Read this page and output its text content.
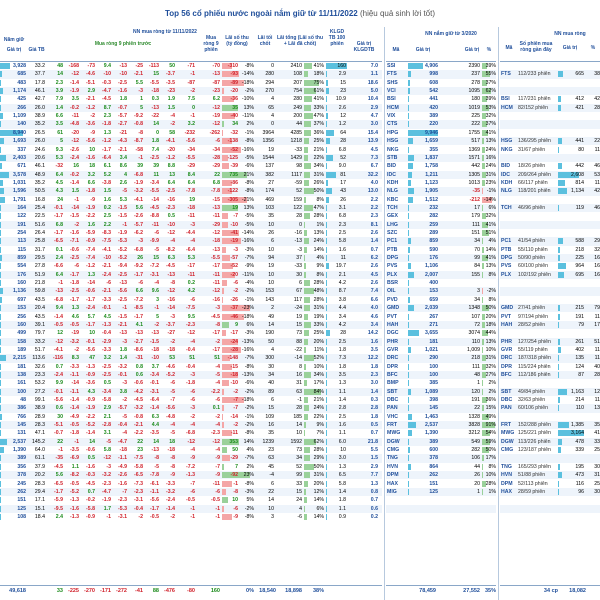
Top 56 cổ phiếu nước ngoài nắm giữ từ 11/11/2022 (hiệu quả sinh lời tốt)
NN mua ròng từ 11/11/2022
Năm giữ
Giá trị	Giá TB
Mua ròng 9 phiên trước
Mua ròng 9 phiên
Lãi số thu (tỷ đồng)
Lãi tối chốt
Lãi tổng (Lãi số thu + Lãi đã chốt)
KLGD TB 100 phiên	Giá trị KLGDTB
3,928	33.2	48	-168	-73	9.4	-13	-25	-113	50	-71	-70	-310	-8%	0	2410	41%	160	7.0
685	37.7	14	-12	-4.6	-10	-10	-2.1	15	-3.7	-1	-13	-93 -14%	280	108	18%	2.9	1.1
483	17.8	2.3	-1.4	-5.1	-0.3	-2.5	5.5	-5.5	-3.5	-87	-87	-89 -18%	294	207	75%	15	18.6
1,174	46.1	3.9	-1.9	2.9	-4.7	-1.6	-3	-18	-23	-2	-23	-20	-2%	270	754	61%	23	5.0
425	42.7	7.9	3.5	-2.1	-4.5	1.8	1	0.3	1.9	7.5	6.2	-36 -10%	4	280	41%	10.9	10.4
266	26.0	1.4	-0.2	-1.2	8.7	-0.7	5	-13	1.5	0	-12	35	13%	65	249	33%	2.6	2.9
1,109	38.9	6.6	-11	-2	2.3	-5.7	-9.2	-22	-4	-1	-19	-40 -11%	4	200	47%	12	4.7
140	35.2	3.5	-4.8	-3.6	-1.8	-2.7	-0.8	14	-2	3.2	-12	34	2%	0	44	37%	1.2	3.0
8,940	26.5	61	-20	-9	1.3	-21	-8	0	58	-232	-262	-32	-1%	3964	4285	36%	64	15.4
1,693	26.0	5	-12	-5.6	-1.2	-4.3	-8.7	1.8	-4.1	-5.6	-6	-138	-8%	1356	1218	25%	28	13.9
337	24.6	9.3	-2.6	10	-1.7	-2.1	-58	7.4	-20	-34	-34	-52 -16%	19	-33	21%	6.8	4.5
2,403	20.6	5.3	-2.4	-1.6	-6.4	3.4	-1	-2.5	-1.2	-5.5	-28	-125	-5%	1544	1429	22%	52	7.3
671	46.1	-32	16	18	6.1	8.6	39	39	8.8	-29	-29	-39	-6%	137	98	34%	9.0	6.7
3,578	48.9	6.4	-0.2	3.2	5.2	4	-6.8	11	13	8.4	22	735	21%	382	1117	31%	81	32.2
1,031	35.2	4.5	-1.4	6.6	-3.8	2.6	-1.9	-3.4	6.4	6.4	6.8	-86	-8%	27	-59	26%	17	4.0
1,596	50.5	4.3	1.5	-1.8	1.5	-5	-3.2	-5.5	-2.5	-7.8	-7.8	-122	-8%	174	52	50%	43	13.0
1,791	16.8	24	-1	-9	1.6	5.3	-4.1	-14	-16	19	-15	-305 -21%	469	159	8%	26	2.2
164	25.4	-0.1	-14	-1.9	0.2	-1.5	5.6	-4.5	-2.3	-18	-13	19	13%	103	122	47%	3.1	2.2
122	22.5	-1.7	-1.5	-2.2	2.5	-1.5	-2.6	-8.8	0.5	-11	-11	-7	-5%	35	28	28%	6.8	2.3
191	51.6	6.8	-2	1.6	2.2	-1	-5.7	-11	-10	-3	-29	-10	-5%	10	0	1%	2.3	8.1
254	26.4	-1.7	-1.6	-5.9	-8.3	-1.9	-6.2	-6	-12	-4.4	-12	-41 -14%	26	-16	13%	2.5	2.6
113	25.8	-6.5	-7.1	-0.9	-7.5	-5.3	-3	-9.9	-4	-4	-18	-19 -16%	6	-13	24%	5.8	1.4
115	31.7	0.1	-0.6	-7.4	-4.1	-5.2	-6.8	-5	-8.2	-6.4	-13	-3	-3%	10	-3	14%	1.6	0.7
859	29.5	2.4	-2.5	-7.4	-10	-5.2	26	15	6.3	5.3	-5.5	-57	-7%	94	37	4%	11	6.2
554	27.8	-6.6	-6	-1.2	-2.1	-9.4	-9.2	-7.2	-4.5	-17	-17	-52	-9%	19	-33	9%	19.7	2.6
176	51.9	6.4	-1.7	1.3	-2.4	-2.5	-1.7	-3.1	-13	-11	-11	-20 -11%	10	30	8%	2.1	4.5
160	21.8	-1	-1.8	-14	-6	-13	-6	-4	-8	0.2	-11	-6	-4%	10	6	28%	4.2	2.6
1,136	59.8	-13	-2.5	-0.6	-2.1	-5.6	6.6	9.6	-12	4.2	-12	-2	-2%	153	67	48%	8.7	7.4
697	43.5	-6.8	-1.7	-1.7	-3.3	-2.5	-7.2	3	-16	-6	-16	-26	-1%	143	117	28%	3.8	6.6
153	20.4	9.4	1.3	-2.4	-0.1	-1	-8.5	-1	-14	-7.5	-3	-37 -23%	2	-24	31%	4.4	4.0
256	43.5	-1.4	4.6	5.7	4.5	-1.5	-1.7	5	-3	9.5	-4.5	-46 -18%	49	19	19%	3.4	4.6
160	39.1	-0.5	-0.5	-1.7	-1.3	-2.1	4.1	-2	-3.7	-2.3	-8	9	6%	14	15	33%	4.2	3.4
499	79.7	12	-19	10	-0.4	-13	-13	-13	-27	-12	-17	-17	-3%	190	73	25%	28	14.2
158	33.2	-12	-3.2	-0.1	-2.9	-3	-2.7	-1.5	-2	-4	-2	-24 -13%	50	88	20%	2.5	1.6
189	51.7	-4.1	-2	-5.6	-3.3	1.8	-8.6	-18	-18	-0.4	-17	-28 -16%	4	-22	11%	1.8	3.5
2,215	113.6	-116	8.3	47	3.2	1.4	-31	-10	53	51	51	-148	-7%	300	-14	52%	7.3	12.2
181	32.6	0.7	-3.3	-1.3	-2.5	-3.2	0.8	3.7	-4.6	-0.4	-4	-15	-8%	30	8	10%	1.8	1.8
138	23.3	-2.4	-1.1	-0.9	-2.5	-0.1	0.6	-3.4	-5.2	-3	-5	-18 -13%	34	16	34%	3.5	2.3
161	53.2	9.9	-14	-3.6	0.5	-3	-0.6	-0.1	-6	-1.8	-4	-10	-6%	40	31	17%	1.3	3.0
100	27.2	-0.1	-1.1	4.3	-3.4	3.8	-4.2	-3.1	-5	-6	-2.2	-2	-2%	89	63	84%	1.1	1.4
48	99.1	-5.6	-1.4	-0.9	-5.8	-2	-4.5	-6.4	-7	-6	-6	-7 -18%	6	-1	21%	1.4	0.3
386	38.9	0.6	-1.4	-1.9	2.9	-5.7	-3.2	-1.4	-5.6	-3	0.1	-7	-2%	15	28	24%	2.8	2.8
766	28.9	30	-4.9	-2.2	2.1	-5	-0.8	6.3	-4.8	-2	-2	-14	-1%	109	185	22%	2.5	1.8
145	28.3	-5.1	-0.5	-5.2	-2.8	-0.4	-2.1	4.4	-4	-4	-4	-2	-2%	16	14	9%	1.6	0.5
131	47.1	-0.7	-1.8	-1.4	3.1	-4	-2.2	-3.5	-5	-6.8	-2.3	-11	-8%	35	10	7%	1.1	0.7
2,537	145.2	22	-1	14	-5	-4.7	22	14	18	-12	-12	353	14%	1239	1592	62%	6.0	21.8
1,390	64.0	-1	-3.5	-0.6	5.8	-18	23	-13	-18	-4	-4	50	4%	23	73	28%	10	5.5
389	61.1	-35	-6.9	0.5	-12	-1.1	-7.5	-8	-8	-9	-9	-29	-7%	63	34	29%	3.0	1.5
356	37.9	-4.5	1.1	-1.6	-3	-4.9	-5.8	-5	-8	-7.2	-7	7	2%	45	52	50%	1.3	2.9
378	20.2	5.6	-8.2	-0.3	-3.2	-2.6	-6.5	-7.8	-9	-1.3	-9	-92	23%	-4	99	31%	6.5	7.7
245	28.3	-6.5	-0.5	-4.5	-2.3	-1.6	-7.3	-6.1	-3.3	-7	-11	-1	-8%	6	33	20%	5.8	1.3
262	29.4	-1.7	-5.2	0.7	-4.7	-7	-2.3	-1.1	-3.2	-6	-6	-8	-3%	22	15	12%	1.4	0.8
151	17.1	-5.9	-1.3	-0.2	-1.9	-2.3	-3.1	-5.6	-2.4	-0.5	-0.5	10	5%	14	24	14%	1.8	0.7
125	15.1	-9.5	-1.6	-5.8	1.7	-5.3	-0.4	-1.7	-1.4	-1	-1	-6	-2%	10	4	6%	1.1	0.6
108	18.4	2.4	-1.3	-0.9	-1	-3.1	-2	-0.5	-2	-1	-1	-9	-8%	3	-6	14%	0.9	0.2
49,618	33 -225 -270 -171 -272	-41	88 -476	-80	160	0% 18,540	18,898	38%
NN nắm giữ từ 3/2020
Mã	Giá trị	Giá trị	%
SSI	4,906	2390	39%
FTS	998	237	55%
SHS	608	278	37%
VCI	542	1095	62%
BSI	441	180	39%
HCM	420	1019	53%
VIX	389	225	32%
CTS	220	222	37%
HPG	9,946	1755	41%
HSG	1,659	517	13%
NKG	355	1369	24%
STB	1,837	1571	16%
BID	1,758	442	24%
IDC	1,211	1305	31%
KDH	1,123	1013	23%
NLG	1,905	-35	-1%
KBC	1,512	-212 -14%
TCH	232	17	6%
GEX	282	179	32%
LHG	259	111	41%
SZC	289	151	51%
PC1	859	34	4%
PTB	590	70	14%
DPG	176	99	41%
PVS	1,106	84	13%
PLX	2,007	155	8%
BSR	400
OIL	153	3	-2%
PVD	659	34	8%
GMD	2,039	1348	50%
PVT	267	107	20%
HAH	271	72	18%
DGC	3,655	3074	44%
PHR	181	110	13%
GVR	1,021	1,009	10%
DRC	290	218	31%
DPR	100	111	32%
BFC	100	48	27%
BMP	385	1	2%
SBT	1,089	120	2%
DBC	398	191	36%
PAN	145	22	15%
VHC	1,463	1328	49%
FRT	2,537	3828	91%
MWG	1,390	3212	54%
DGW	389	549	59%
CMG	600	282	50%
TNG	378	106	17%
HVN	864	44	8%
DPM	262	26	10%
HAX	151	20	28%
MIG	125	1	1%
78,459	27,552 35%
NN mua ròng
Mã
Số phiên mua ròng gần đây	Giá trị	%
FTS	112/233 phiên	665	38
BSI	117/231 phiên	412	42
HCM 82/152 phiên	421	28
HSG	136/295 phiên	441	22
NKG	31/67 phiên	80	11
BID	18/26 phiên	442	46
IDC	209/264 phiên	2,608	53
KDH	66/117 phiên	814	11
NLG	118/201 phiên	1,134	42
TCH	46/96 phiên	119	46
PC1	41/54 phiên	588	29
PTB	55/110 phiên	218	32
DPG	50/90 phiên	225	16
PVS	60/100 phiên	964	16
PLX	102/192 phiên	695	16
GMD 27/41 phiên	215	79
PVT	97/194 phiên	191	11
HAH	28/52 phiên	79	17
PHR	127/254 phiên	261	51
GVR	55/119 phiên	402	11
DRC	187/318 phiên	135	11
DPR	115/224 phiên	124	40
BFC	112/186 phiên	87	28
SBT	49/84 phiên	1,163	12
DBC	32/63 phiên	214	11
PAN	60/106 phiên	110	13
FRT	152/288 phiên	1,385	35
MWG 125/221 phiên	3,164	41
DGW 113/226 phiên	478	33
CMG 123/187 phiên	339	25
TNG	165/293 phiên	195	30
HVN	51/88 phiên	473	31
DPM	52/113 phiên	116	25
HAX	28/59 phiên	96	30
34 cp	18,082
